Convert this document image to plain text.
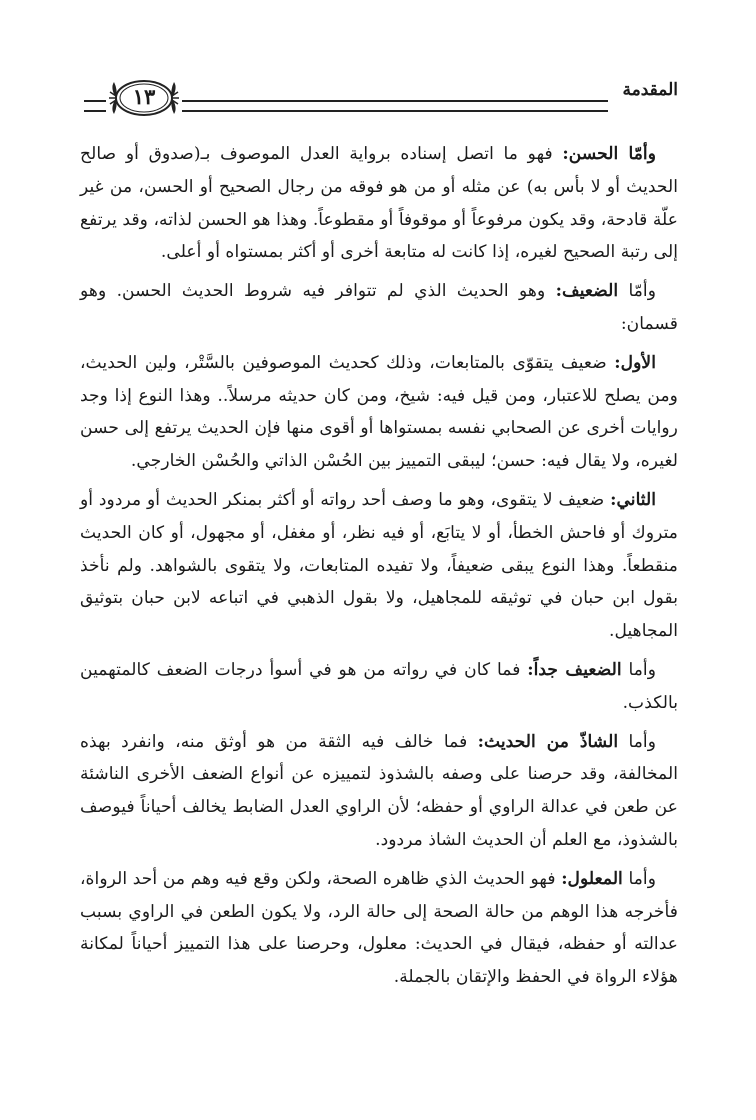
المقدمة
١٣

وأمّا الحسن: فهو ما اتصل إسناده برواية العدل الموصوف بـ(صدوق أو صالح الحديث أو لا بأس به) عن مثله أو من هو فوقه من رجال الصحيح أو الحسن، من غير علّة قادحة، وقد يكون مرفوعاً أو موقوفاً أو مقطوعاً. وهذا هو الحسن لذاته، وقد يرتفع إلى رتبة الصحيح لغيره، إذا كانت له متابعة أخرى أو أكثر بمستواه أو أعلى.

وأمّا الضعيف: وهو الحديث الذي لم تتوافر فيه شروط الحديث الحسن. وهو قسمان:

الأول: ضعيف يتقوّى بالمتابعات، وذلك كحديث الموصوفين بالسَّتْر، ولين الحديث، ومن يصلح للاعتبار، ومن قيل فيه: شيخ، ومن كان حديثه مرسلاً.. وهذا النوع إذا وجد روايات أخرى عن الصحابي نفسه بمستواها أو أقوى منها فإن الحديث يرتفع إلى حسن لغيره، ولا يقال فيه: حسن؛ ليبقى التمييز بين الحُسْن الذاتي والحُسْن الخارجي.

الثاني: ضعيف لا يتقوى، وهو ما وصف أحد رواته أو أكثر بمنكر الحديث أو مردود أو متروك أو فاحش الخطأ، أو لا يتابَع، أو فيه نظر، أو مغفل، أو مجهول، أو كان الحديث منقطعاً. وهذا النوع يبقى ضعيفاً، ولا تفيده المتابعات، ولا يتقوى بالشواهد. ولم نأخذ بقول ابن حبان في توثيقه للمجاهيل، ولا بقول الذهبي في اتباعه لابن حبان بتوثيق المجاهيل.

وأما الضعيف جداً: فما كان في رواته من هو في أسوأ درجات الضعف كالمتهمين بالكذب.

وأما الشاذّ من الحديث: فما خالف فيه الثقة من هو أوثق منه، وانفرد بهذه المخالفة، وقد حرصنا على وصفه بالشذوذ لتمييزه عن أنواع الضعف الأخرى الناشئة عن طعن في عدالة الراوي أو حفظه؛ لأن الراوي العدل الضابط يخالف أحياناً فيوصف بالشذوذ، مع العلم أن الحديث الشاذ مردود.

وأما المعلول: فهو الحديث الذي ظاهره الصحة، ولكن وقع فيه وهم من أحد الرواة، فأخرجه هذا الوهم من حالة الصحة إلى حالة الرد، ولا يكون الطعن في الراوي بسبب عدالته أو حفظه، فيقال في الحديث: معلول، وحرصنا على هذا التمييز أحياناً لمكانة هؤلاء الرواة في الحفظ والإتقان بالجملة.
